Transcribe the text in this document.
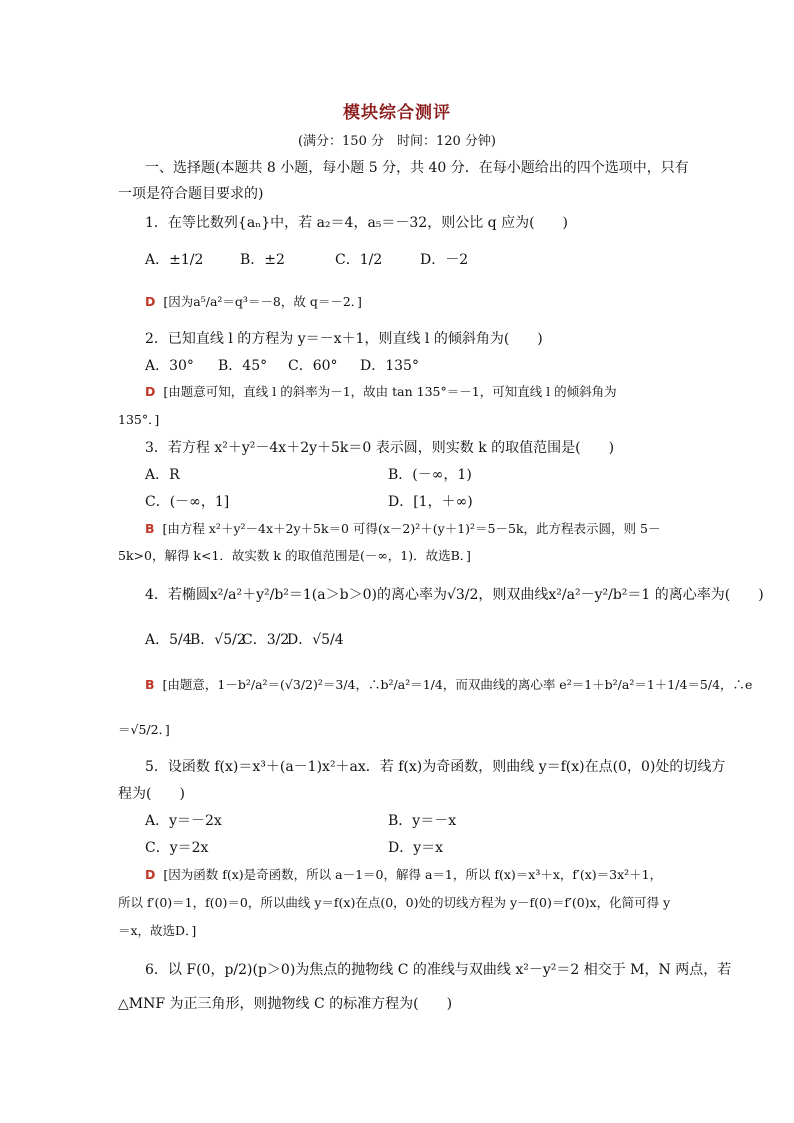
模块综合测评
(满分：150 分　时间：120 分钟)
一、选择题(本题共 8 小题，每小题 5 分，共 40 分．在每小题给出的四个选项中，只有
一项是符合题目要求的)
1．在等比数列{aₙ}中，若 a₂＝4，a₅＝－32，则公比 q 应为(　　)
A．±1/2	B．±2	C．1/2	D．－2
D [因为a⁵/a²＝q³＝－8，故 q＝－2．]
2．已知直线 l 的方程为 y＝－x＋1，则直线 l 的倾斜角为(　　)
A．30° B．45° C．60° D．135°
D [由题意可知，直线 l 的斜率为－1，故由 tan 135°＝－1，可知直线 l 的倾斜角为
135°．]
3．若方程 x²＋y²－4x＋2y＋5k＝0 表示圆，则实数 k 的取值范围是(　　)
A．R	B．(－∞，1)
C．(－∞，1]	D．[1，＋∞)
B [由方程 x²＋y²－4x＋2y＋5k＝0 可得(x－2)²＋(y＋1)²＝5－5k，此方程表示圆，则 5－
5k>0，解得 k<1．故实数 k 的取值范围是(－∞，1)．故选B．]
4．若椭圆x²/a²＋y²/b²＝1(a＞b＞0)的离心率为√3/2，则双曲线x²/a²－y²/b²＝1 的离心率为(　　)
A．5/4
B．√5/2
C．3/2
D．√5/4
B [由题意，1－b²/a²＝(√3/2)²＝3/4，∴b²/a²＝1/4，而双曲线的离心率 e²＝1＋b²/a²＝1＋1/4＝5/4，∴e
＝√5/2．]
5．设函数 f(x)＝x³＋(a－1)x²＋ax．若 f(x)为奇函数，则曲线 y＝f(x)在点(0，0)处的切线方
程为(　　)
A．y＝－2x	B．y＝－x
C．y＝2x	D．y＝x
D [因为函数 f(x)是奇函数，所以 a－1＝0，解得 a＝1，所以 f(x)＝x³＋x，f′(x)＝3x²＋1，
所以 f′(0)＝1，f(0)＝0，所以曲线 y＝f(x)在点(0，0)处的切线方程为 y－f(0)＝f′(0)x，化简可得 y
＝x，故选D．]
6．以 F(0，p/2)(p＞0)为焦点的抛物线 C 的准线与双曲线 x²－y²＝2 相交于 M，N 两点，若
△MNF 为正三角形，则抛物线 C 的标准方程为(　　)
